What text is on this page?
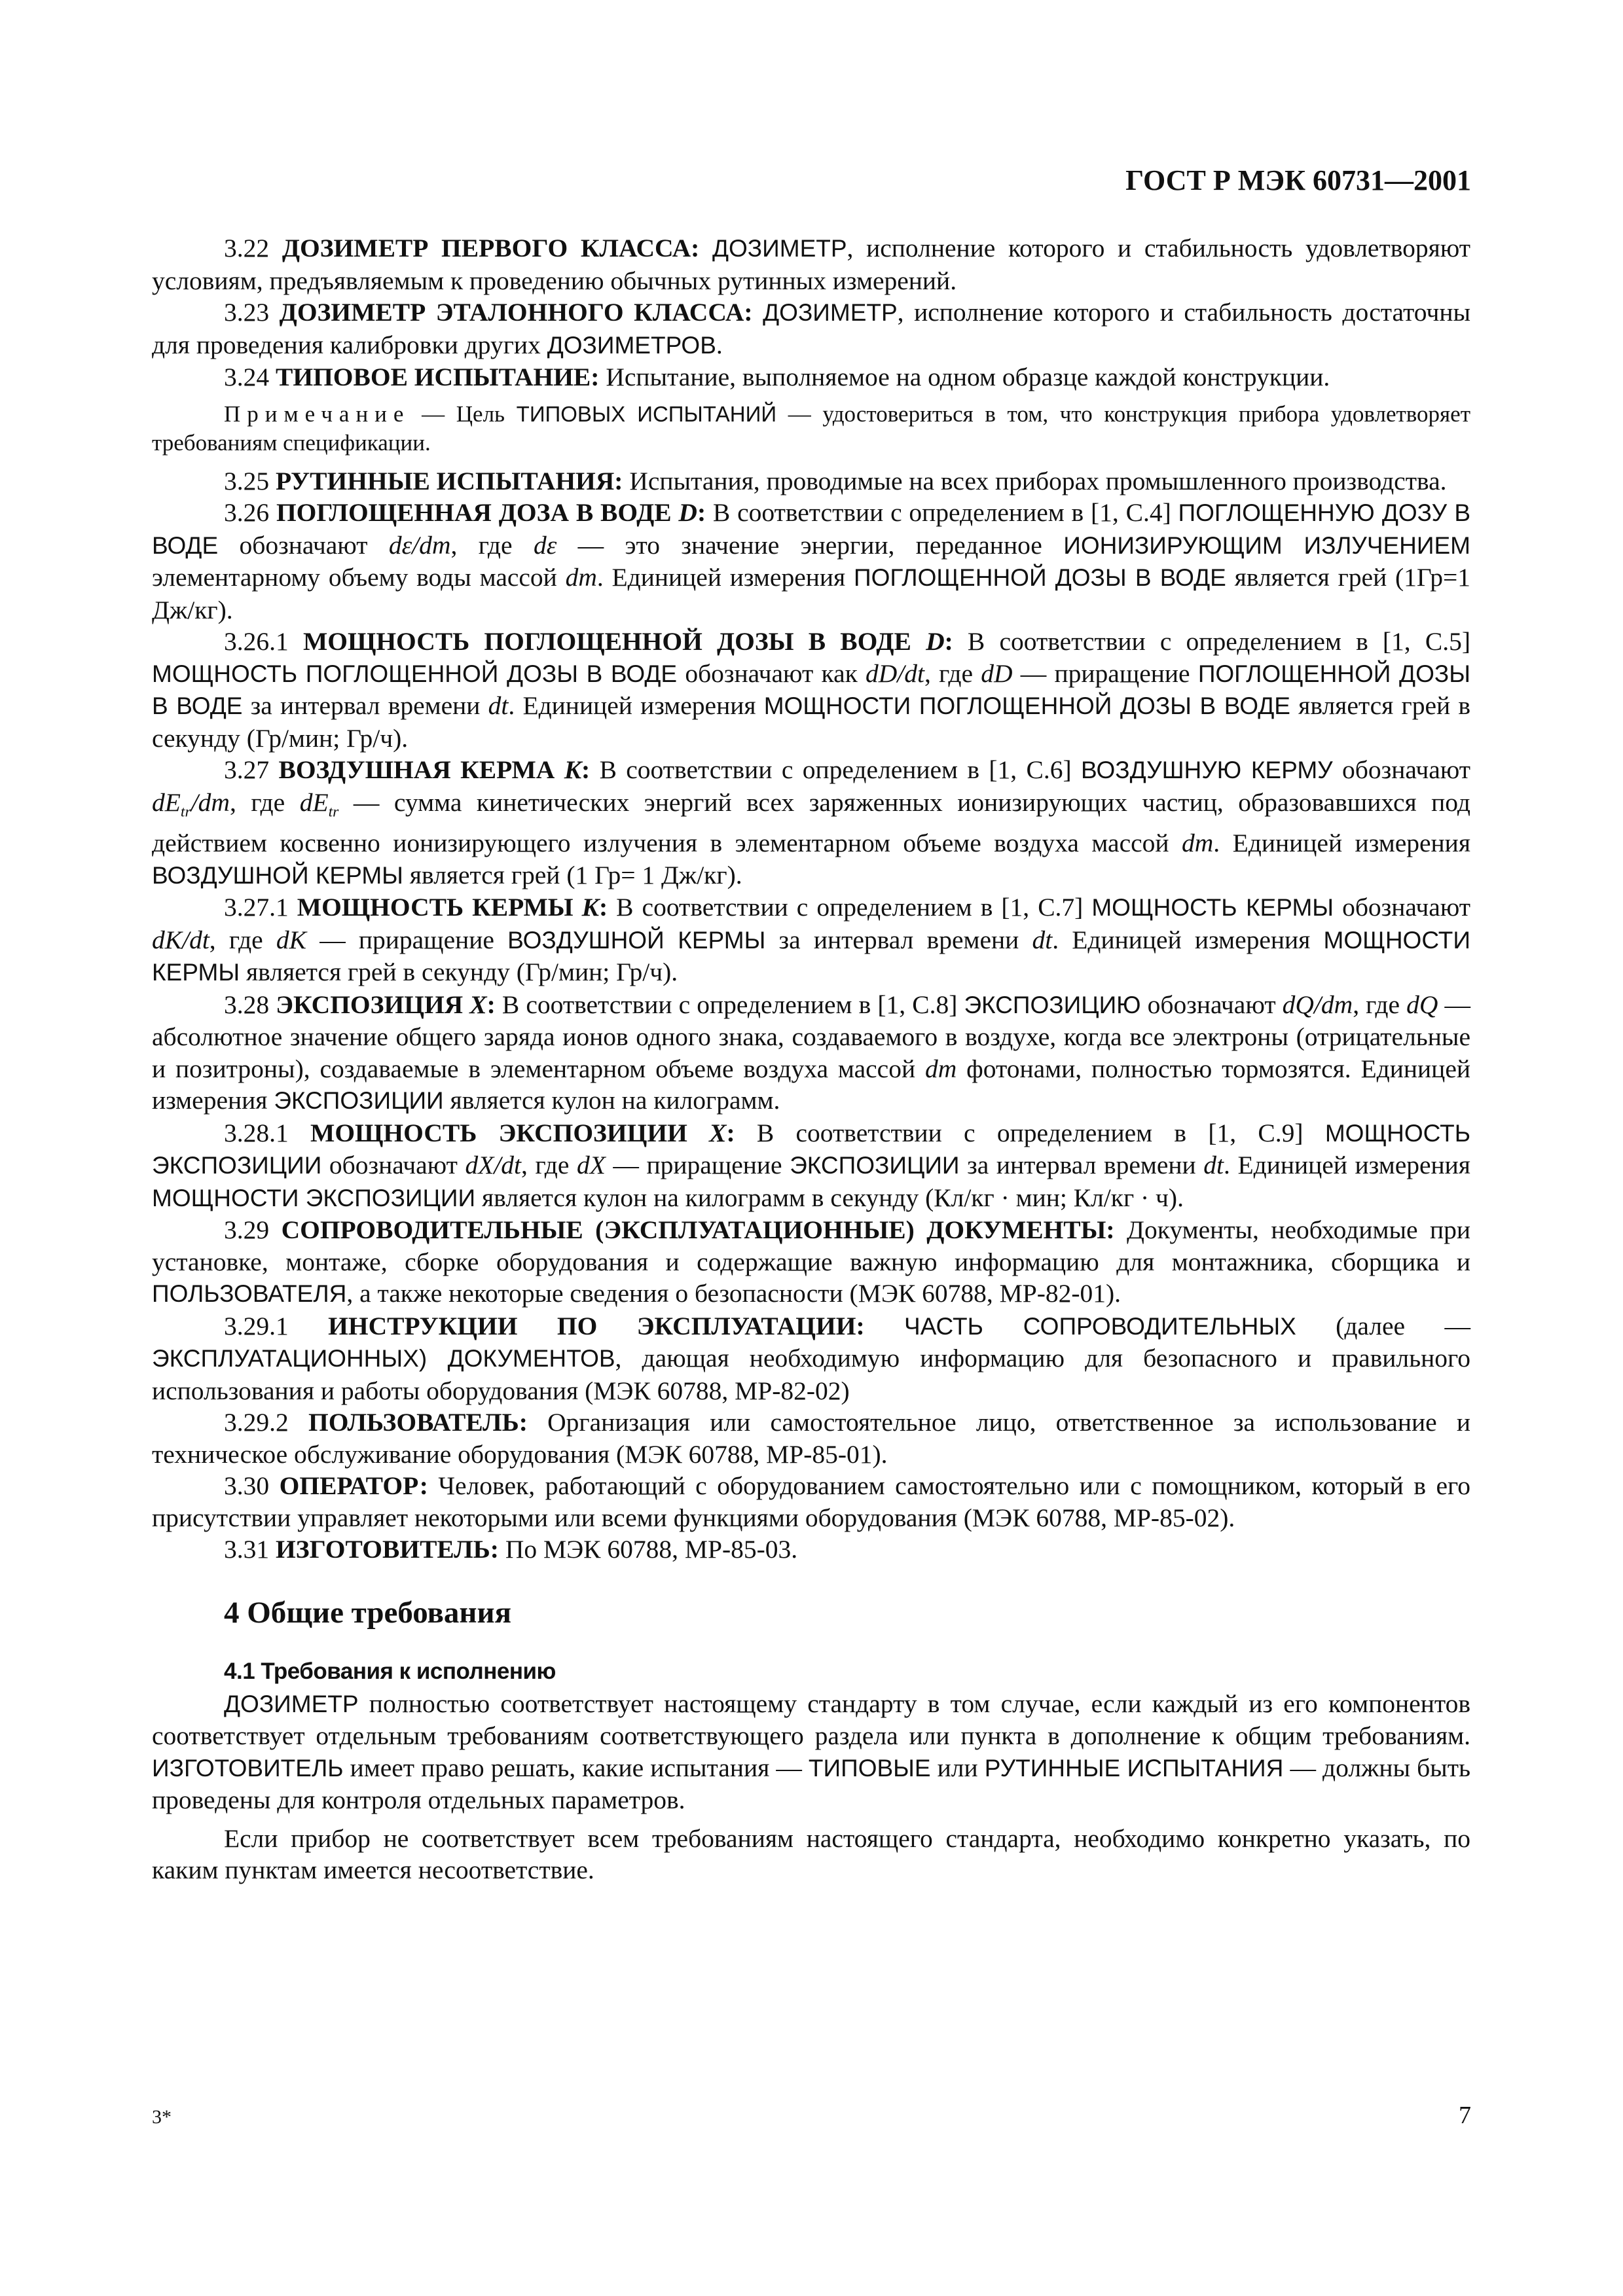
ГОСТ Р МЭК 60731—2001

3.22 ДОЗИМЕТР ПЕРВОГО КЛАССА: ДОЗИМЕТР, исполнение которого и стабильность удовлетворяют условиям, предъявляемым к проведению обычных рутинных измерений.

3.23 ДОЗИМЕТР ЭТАЛОННОГО КЛАССА: ДОЗИМЕТР, исполнение которого и стабильность достаточны для проведения калибровки других ДОЗИМЕТРОВ.

3.24 ТИПОВОЕ ИСПЫТАНИЕ: Испытание, выполняемое на одном образце каждой конструкции.

Примечание — Цель ТИПОВЫХ ИСПЫТАНИЙ — удостовериться в том, что конструкция прибора удовлетворяет требованиям спецификации.

3.25 РУТИННЫЕ ИСПЫТАНИЯ: Испытания, проводимые на всех приборах промышленного производства.

3.26 ПОГЛОЩЕННАЯ ДОЗА В ВОДЕ D: В соответствии с определением в [1, С.4] ПОГЛОЩЕННУЮ ДОЗУ В ВОДЕ обозначают dε/dm, где dε — это значение энергии, переданное ИОНИЗИРУЮЩИМ ИЗЛУЧЕНИЕМ элементарному объему воды массой dm. Единицей измерения ПОГЛОЩЕННОЙ ДОЗЫ В ВОДЕ является грей (1Гр=1 Дж/кг).

3.26.1 МОЩНОСТЬ ПОГЛОЩЕННОЙ ДОЗЫ В ВОДЕ D: В соответствии с определением в [1, С.5] МОЩНОСТЬ ПОГЛОЩЕННОЙ ДОЗЫ В ВОДЕ обозначают как dD/dt, где dD — приращение ПОГЛОЩЕННОЙ ДОЗЫ В ВОДЕ за интервал времени dt. Единицей измерения МОЩНОСТИ ПОГЛОЩЕННОЙ ДОЗЫ В ВОДЕ является грей в секунду (Гр/мин; Гр/ч).

3.27 ВОЗДУШНАЯ КЕРМА K: В соответствии с определением в [1, С.6] ВОЗДУШНУЮ КЕРМУ обозначают $dE_{tr}/dm$, где $dE_{tr}$ — сумма кинетических энергий всех заряженных ионизирующих частиц, образовавшихся под действием косвенно ионизирующего излучения в элементарном объеме воздуха массой dm. Единицей измерения ВОЗДУШНОЙ КЕРМЫ является грей (1 Гр= 1 Дж/кг).

3.27.1 МОЩНОСТЬ КЕРМЫ K: В соответствии с определением в [1, С.7] МОЩНОСТЬ КЕРМЫ обозначают dK/dt, где dK — приращение ВОЗДУШНОЙ КЕРМЫ за интервал времени dt. Единицей измерения МОЩНОСТИ КЕРМЫ является грей в секунду (Гр/мин; Гр/ч).

3.28 ЭКСПОЗИЦИЯ X: В соответствии с определением в [1, С.8] ЭКСПОЗИЦИЮ обозначают dQ/dm, где dQ — абсолютное значение общего заряда ионов одного знака, создаваемого в воздухе, когда все электроны (отрицательные и позитроны), создаваемые в элементарном объеме воздуха массой dm фотонами, полностью тормозятся. Единицей измерения ЭКСПОЗИЦИИ является кулон на килограмм.

3.28.1 МОЩНОСТЬ ЭКСПОЗИЦИИ X: В соответствии с определением в [1, С.9] МОЩНОСТЬ ЭКСПОЗИЦИИ обозначают dX/dt, где dX — приращение ЭКСПОЗИЦИИ за интервал времени dt. Единицей измерения МОЩНОСТИ ЭКСПОЗИЦИИ является кулон на килограмм в секунду (Кл/кг · мин; Кл/кг · ч).

3.29 СОПРОВОДИТЕЛЬНЫЕ (ЭКСПЛУАТАЦИОННЫЕ) ДОКУМЕНТЫ: Документы, необходимые при установке, монтаже, сборке оборудования и содержащие важную информацию для монтажника, сборщика и ПОЛЬЗОВАТЕЛЯ, а также некоторые сведения о безопасности (МЭК 60788, МР-82-01).

3.29.1 ИНСТРУКЦИИ ПО ЭКСПЛУАТАЦИИ: ЧАСТЬ СОПРОВОДИТЕЛЬНЫХ (далее — ЭКСПЛУАТАЦИОННЫХ) ДОКУМЕНТОВ, дающая необходимую информацию для безопасного и правильного использования и работы оборудования (МЭК 60788, МР-82-02)

3.29.2 ПОЛЬЗОВАТЕЛЬ: Организация или самостоятельное лицо, ответственное за использование и техническое обслуживание оборудования (МЭК 60788, МР-85-01).

3.30 ОПЕРАТОР: Человек, работающий с оборудованием самостоятельно или с помощником, который в его присутствии управляет некоторыми или всеми функциями оборудования (МЭК 60788, МР-85-02).

3.31 ИЗГОТОВИТЕЛЬ: По МЭК 60788, МР-85-03.

4 Общие требования
4.1 Требования к исполнению

ДОЗИМЕТР полностью соответствует настоящему стандарту в том случае, если каждый из его компонентов соответствует отдельным требованиям соответствующего раздела или пункта в дополнение к общим требованиям. ИЗГОТОВИТЕЛЬ имеет право решать, какие испытания — ТИПОВЫЕ или РУТИННЫЕ ИСПЫТАНИЯ — должны быть проведены для контроля отдельных параметров.

Если прибор не соответствует всем требованиям настоящего стандарта, необходимо конкретно указать, по каким пунктам имеется несоответствие.

3*	7
